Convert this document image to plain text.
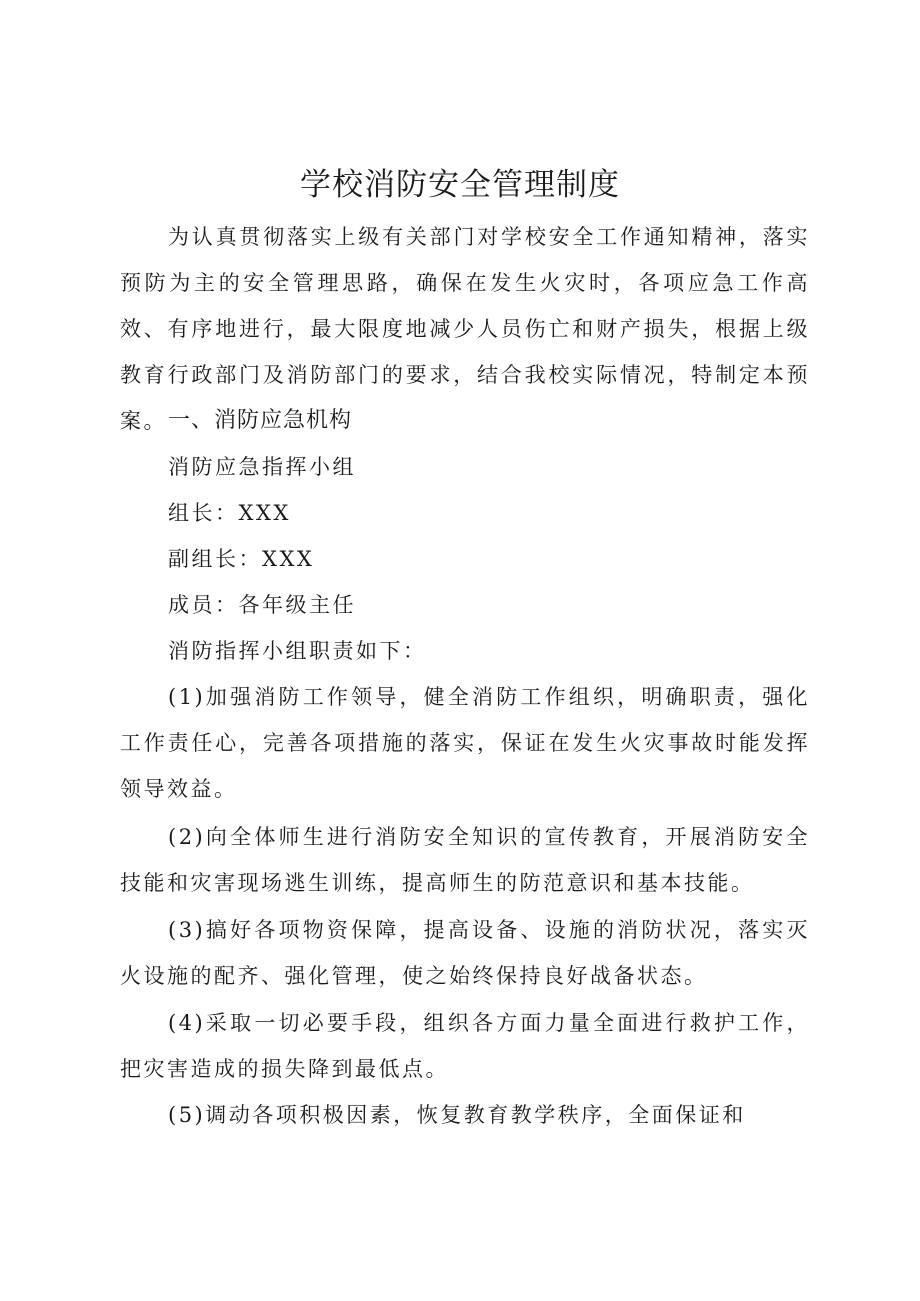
学校消防安全管理制度

为认真贯彻落实上级有关部门对学校安全工作通知精神，落实预防为主的安全管理思路，确保在发生火灾时，各项应急工作高效、有序地进行，最大限度地减少人员伤亡和财产损失，根据上级教育行政部门及消防部门的要求，结合我校实际情况，特制定本预案。 一、消防应急机构

消防应急指挥小组

组长：XXX

副组长：XXX

成员：各年级主任

消防指挥小组职责如下：

(1)加强消防工作领导，健全消防工作组织，明确职责，强化工作责任心，完善各项措施的落实，保证在发生火灾事故时能发挥领导效益。

(2)向全体师生进行消防安全知识的宣传教育，开展消防安全技能和灾害现场逃生训练，提高师生的防范意识和基本技能。

(3)搞好各项物资保障，提高设备、设施的消防状况，落实灭火设施的配齐、强化管理，使之始终保持良好战备状态。

(4)采取一切必要手段，组织各方面力量全面进行救护工作，把灾害造成的损失降到最低点。

(5)调动各项积极因素，恢复教育教学秩序，全面保证和
